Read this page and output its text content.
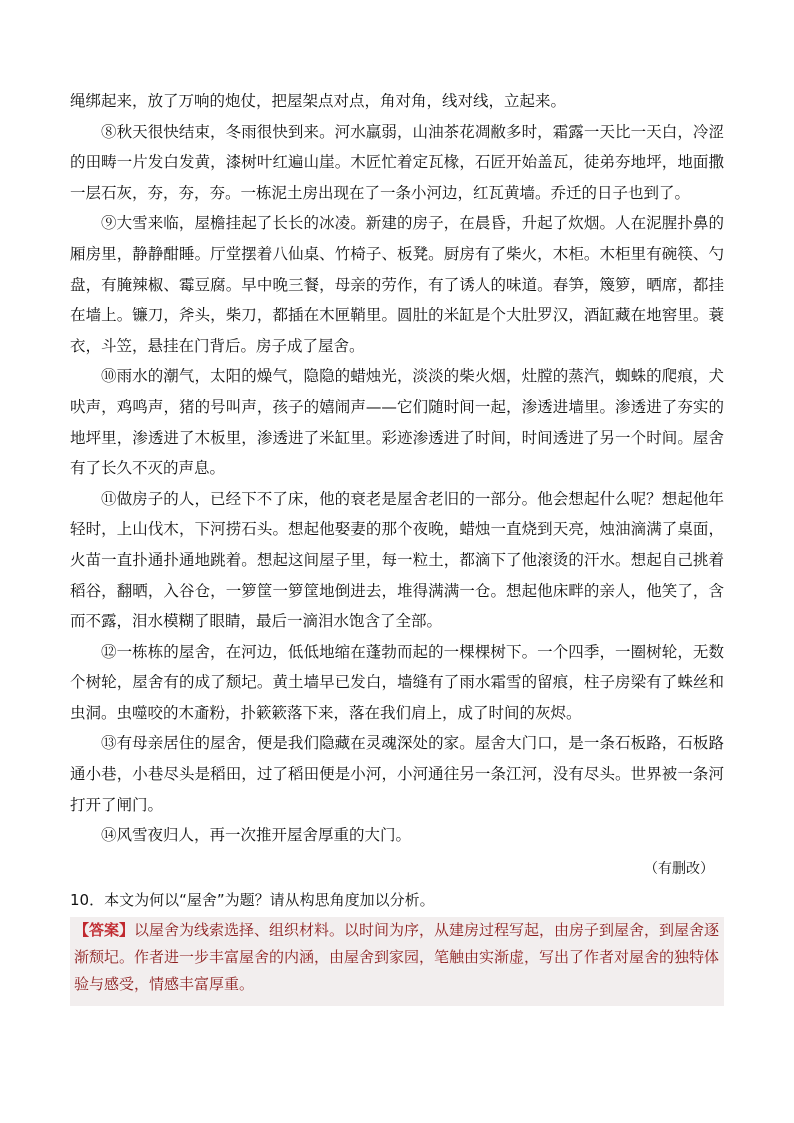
绳绑起来，放了万响的炮仗，把屋架点对点，角对角，线对线，立起来。

⑧秋天很快结束，冬雨很快到来。河水羸弱，山油茶花凋敝多时，霜露一天比一天白，冷涩的田畴一片发白发黄，漆树叶红遍山崖。木匠忙着定瓦椽，石匠开始盖瓦，徒弟夯地坪，地面撒一层石灰，夯，夯，夯。一栋泥土房出现在了一条小河边，红瓦黄墙。乔迁的日子也到了。

⑨大雪来临，屋檐挂起了长长的冰凌。新建的房子，在晨昏，升起了炊烟。人在泥腥扑鼻的厢房里，静静酣睡。厅堂摆着八仙桌、竹椅子、板凳。厨房有了柴火，木柜。木柜里有碗筷、勺盘，有腌辣椒、霉豆腐。早中晚三餐，母亲的劳作，有了诱人的味道。春笋，篾箩，晒席，都挂在墙上。镰刀，斧头，柴刀，都插在木匣鞘里。圆肚的米缸是个大肚罗汉，酒缸藏在地窖里。蓑衣，斗笠，悬挂在门背后。房子成了屋舍。

⑩雨水的潮气，太阳的燥气，隐隐的蜡烛光，淡淡的柴火烟，灶膛的蒸汽，蜘蛛的爬痕，犬吠声，鸡鸣声，猪的号叫声，孩子的嬉闹声——它们随时间一起，渗透进墙里。渗透进了夯实的地坪里，渗透进了木板里，渗透进了米缸里。彩迹渗透进了时间，时间透进了另一个时间。屋舍有了长久不灭的声息。

⑪做房子的人，已经下不了床，他的衰老是屋舍老旧的一部分。他会想起什么呢？想起他年轻时，上山伐木，下河捞石头。想起他娶妻的那个夜晚，蜡烛一直烧到天亮，烛油滴满了桌面，火苗一直扑通扑通地跳着。想起这间屋子里，每一粒土，都滴下了他滚烫的汗水。想起自己挑着稻谷，翻晒，入谷仓，一箩筐一箩筐地倒进去，堆得满满一仓。想起他床畔的亲人，他笑了，含而不露，泪水模糊了眼睛，最后一滴泪水饱含了全部。

⑫一栋栋的屋舍，在河边，低低地缩在蓬勃而起的一棵棵树下。一个四季，一圈树轮，无数个树轮，屋舍有的成了颓圮。黄土墙早已发白，墙缝有了雨水霜雪的留痕，柱子房梁有了蛛丝和虫洞。虫噬咬的木齑粉，扑簌簌落下来，落在我们肩上，成了时间的灰烬。

⑬有母亲居住的屋舍，便是我们隐藏在灵魂深处的家。屋舍大门口，是一条石板路，石板路通小巷，小巷尽头是稻田，过了稻田便是小河，小河通往另一条江河，没有尽头。世界被一条河打开了闸门。

⑭风雪夜归人，再一次推开屋舍厚重的大门。

（有删改）

10．本文为何以“屋舍”为题？请从构思角度加以分析。

【答案】以屋舍为线索选择、组织材料。以时间为序，从建房过程写起，由房子到屋舍，到屋舍逐渐颓圮。作者进一步丰富屋舍的内涵，由屋舍到家园，笔触由实渐虚，写出了作者对屋舍的独特体验与感受，情感丰富厚重。
